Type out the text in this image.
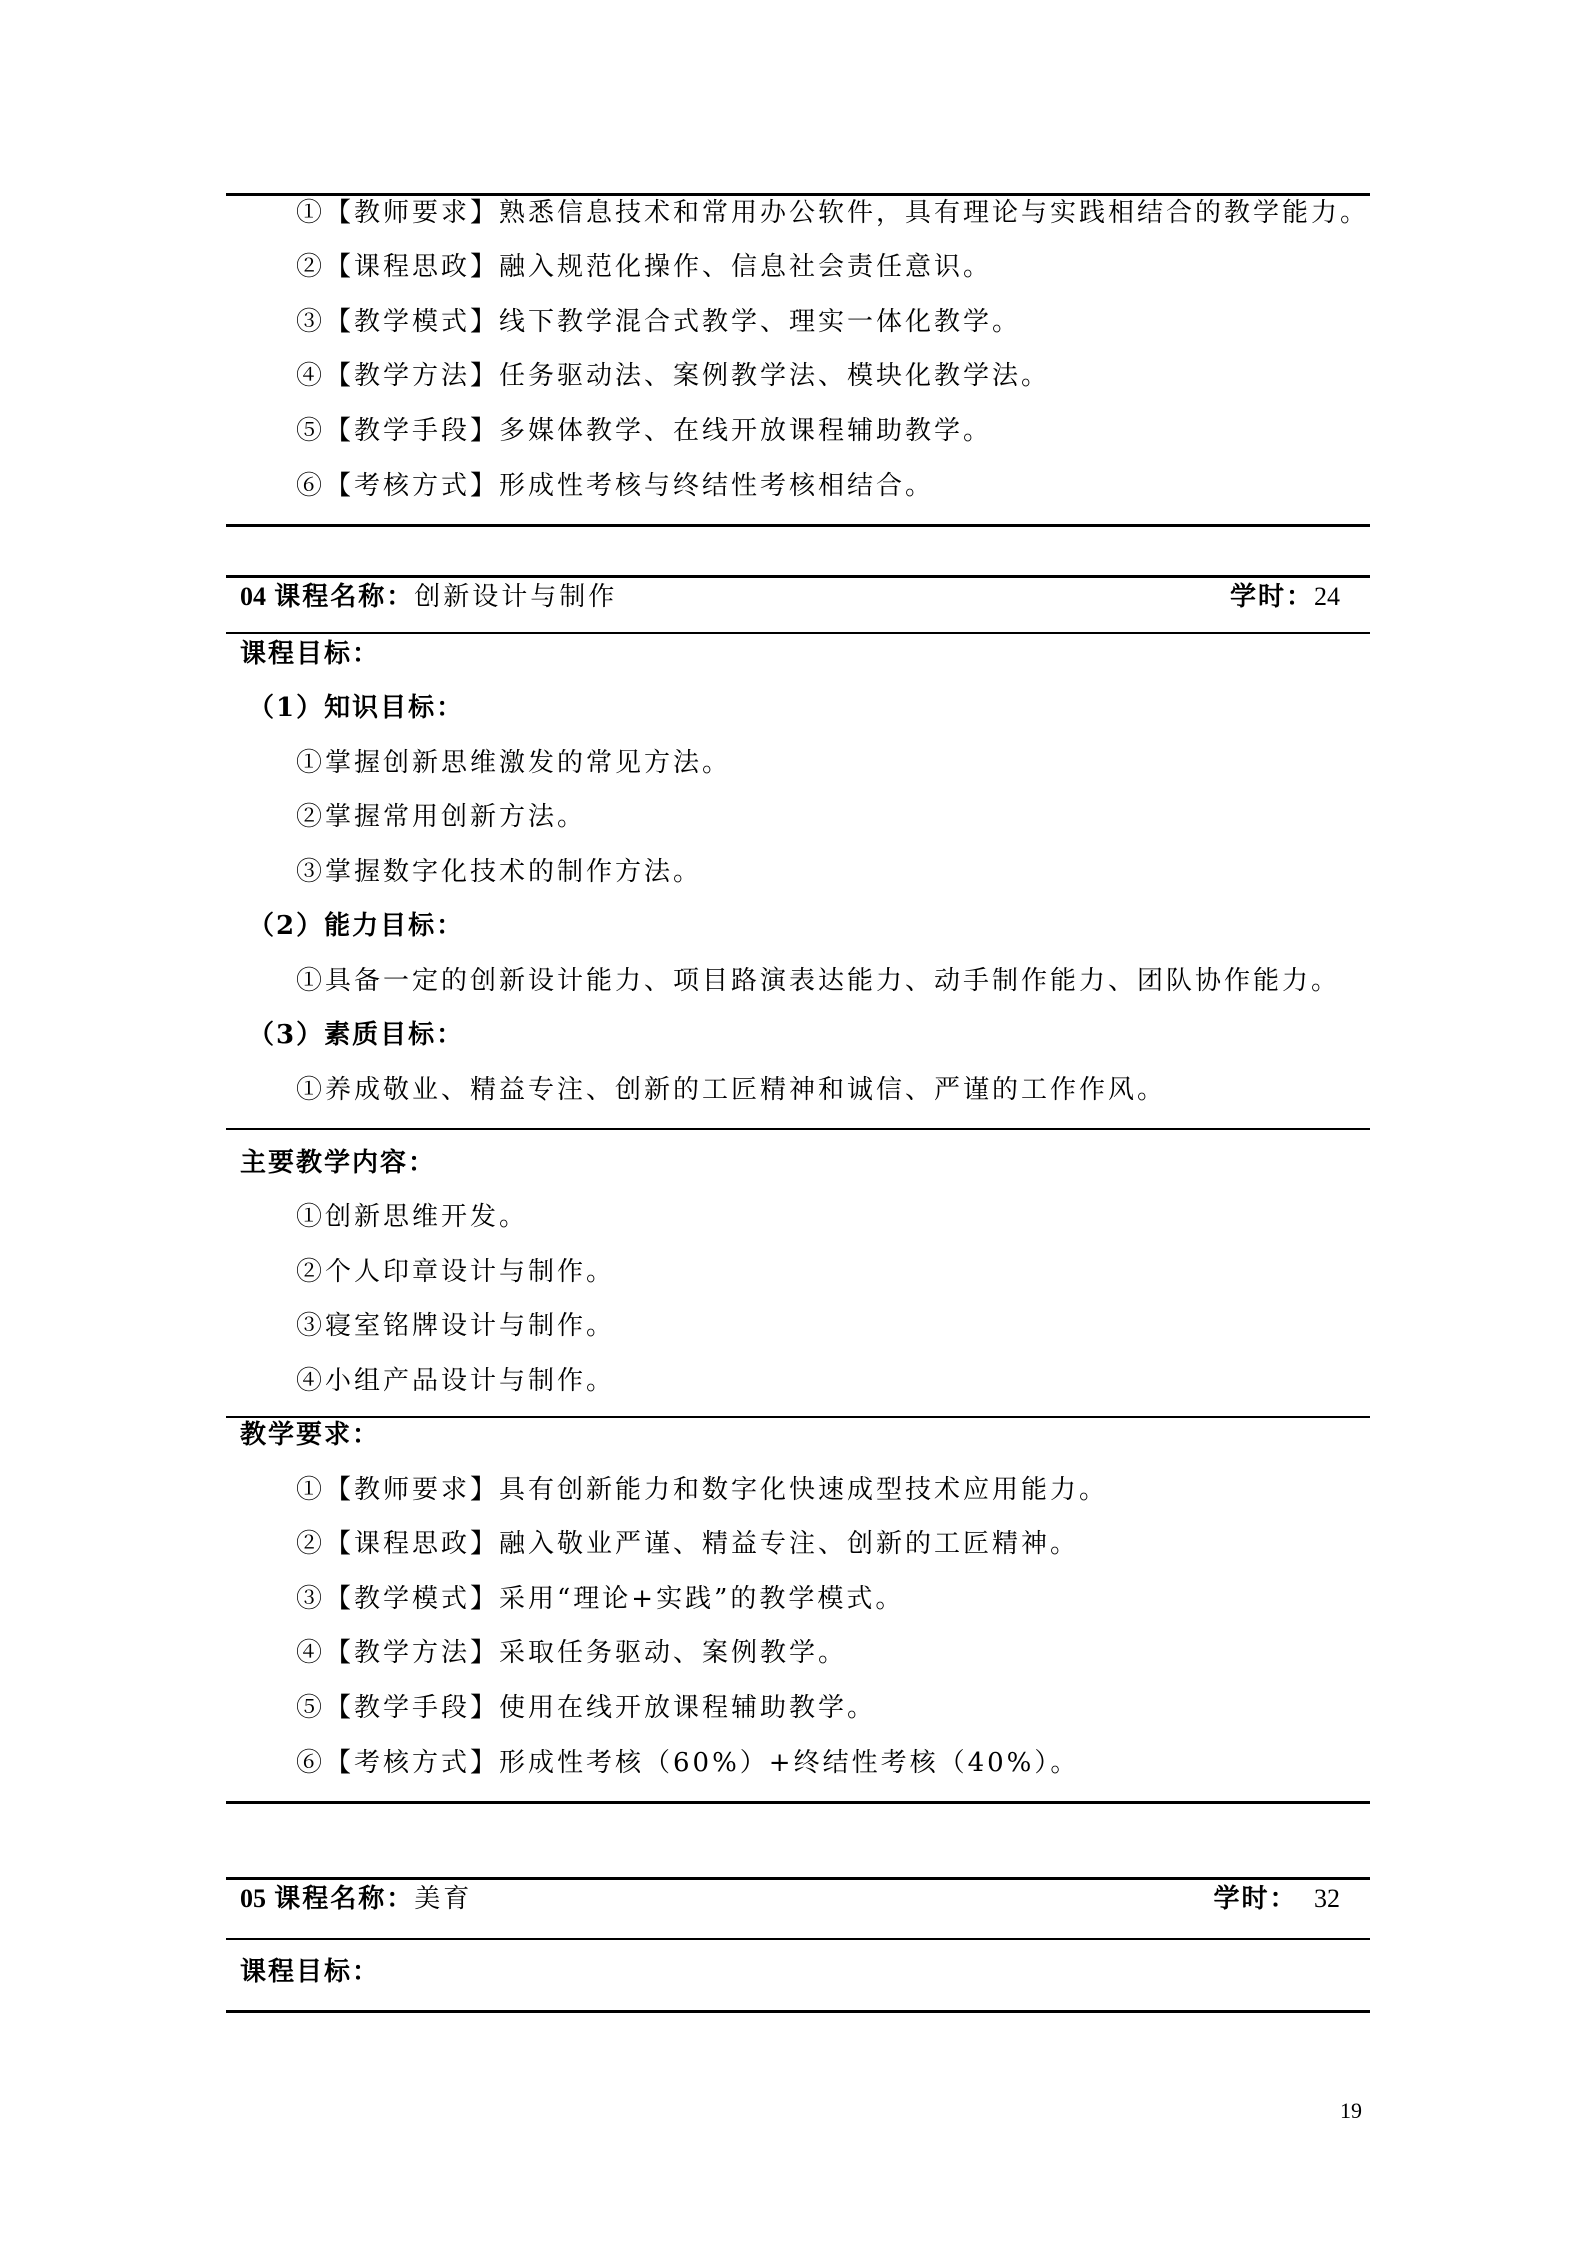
①【教师要求】熟悉信息技术和常用办公软件，具有理论与实践相结合的教学能力。
②【课程思政】融入规范化操作、信息社会责任意识。
③【教学模式】线下教学混合式教学、理实一体化教学。
④【教学方法】任务驱动法、案例教学法、模块化教学法。
⑤【教学手段】多媒体教学、在线开放课程辅助教学。
⑥【考核方式】形成性考核与终结性考核相结合。
04 课程名称：创新设计与制作	学时：24
课程目标：
（1）知识目标：
①掌握创新思维激发的常见方法。
②掌握常用创新方法。
③掌握数字化技术的制作方法。
（2）能力目标：
①具备一定的创新设计能力、项目路演表达能力、动手制作能力、团队协作能力。
（3）素质目标：
①养成敬业、精益专注、创新的工匠精神和诚信、严谨的工作作风。
主要教学内容：
①创新思维开发。
②个人印章设计与制作。
③寝室铭牌设计与制作。
④小组产品设计与制作。
教学要求：
①【教师要求】具有创新能力和数字化快速成型技术应用能力。
②【课程思政】融入敬业严谨、精益专注、创新的工匠精神。
③【教学模式】采用“理论+实践”的教学模式。
④【教学方法】采取任务驱动、案例教学。
⑤【教学手段】使用在线开放课程辅助教学。
⑥【考核方式】形成性考核（60%）+终结性考核（40%）。
05 课程名称：美育	学时： 32
课程目标：
19
